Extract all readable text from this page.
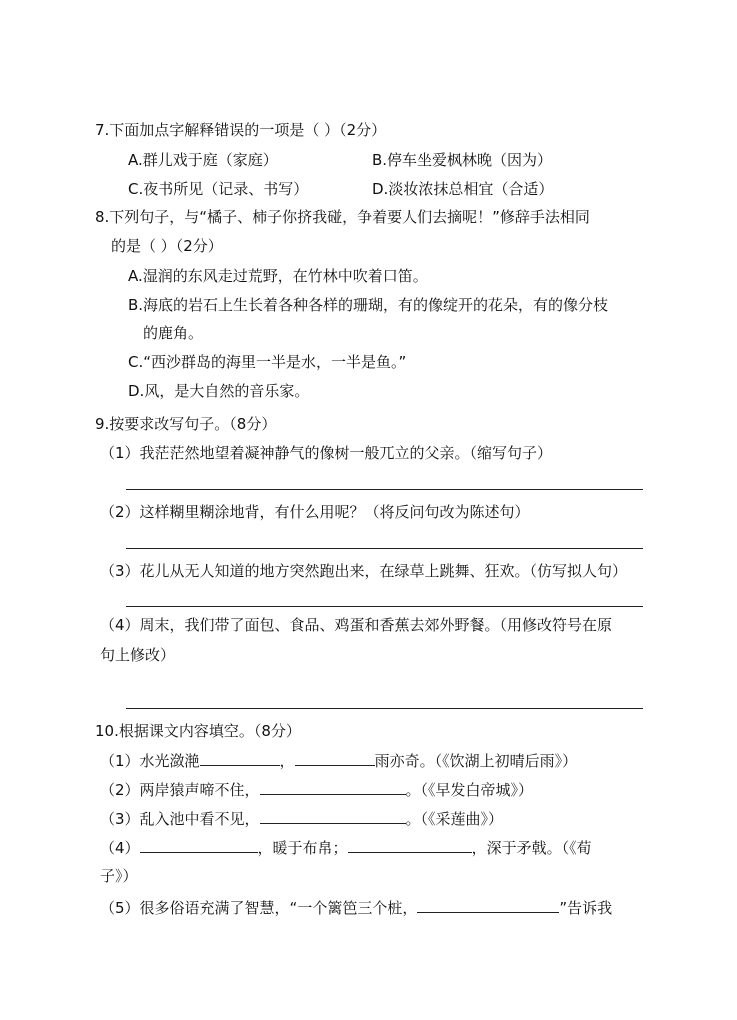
7.下面加点字解释错误的一项是（ ）（2分）
A.群儿戏于庭（家庭）	B.停车坐爱枫林晚（因为）
C.夜书所见（记录、书写）	D.淡妆浓抹总相宜（合适）
8.下列句子，与“橘子、柿子你挤我碰，争着要人们去摘呢！”修辞手法相同
的是（ ）（2分）
A.湿润的东风走过荒野，在竹林中吹着口笛。
B.海底的岩石上生长着各种各样的珊瑚，有的像绽开的花朵，有的像分枝
的鹿角。
C.“西沙群岛的海里一半是水，一半是鱼。”
D.风，是大自然的音乐家。
9.按要求改写句子。（8分）
（1）我茫茫然地望着凝神静气的像树一般兀立的父亲。（缩写句子）
（2）这样糊里糊涂地背，有什么用呢？（将反问句改为陈述句）
（3）花儿从无人知道的地方突然跑出来，在绿草上跳舞、狂欢。（仿写拟人句）
（4）周末，我们带了面包、食品、鸡蛋和香蕉去郊外野餐。（用修改符号在原
句上修改）
10.根据课文内容填空。（8分）
（1）水光潋滟	，	雨亦奇。（《饮湖上初晴后雨》）
（2）两岸猿声啼不住，	。（《早发白帝城》）
（3）乱入池中看不见，	。（《采莲曲》）
（4）	，暖于布帛；	，深于矛戟。（《荀
子》）
（5）很多俗语充满了智慧，“一个篱笆三个桩，	”告诉我
